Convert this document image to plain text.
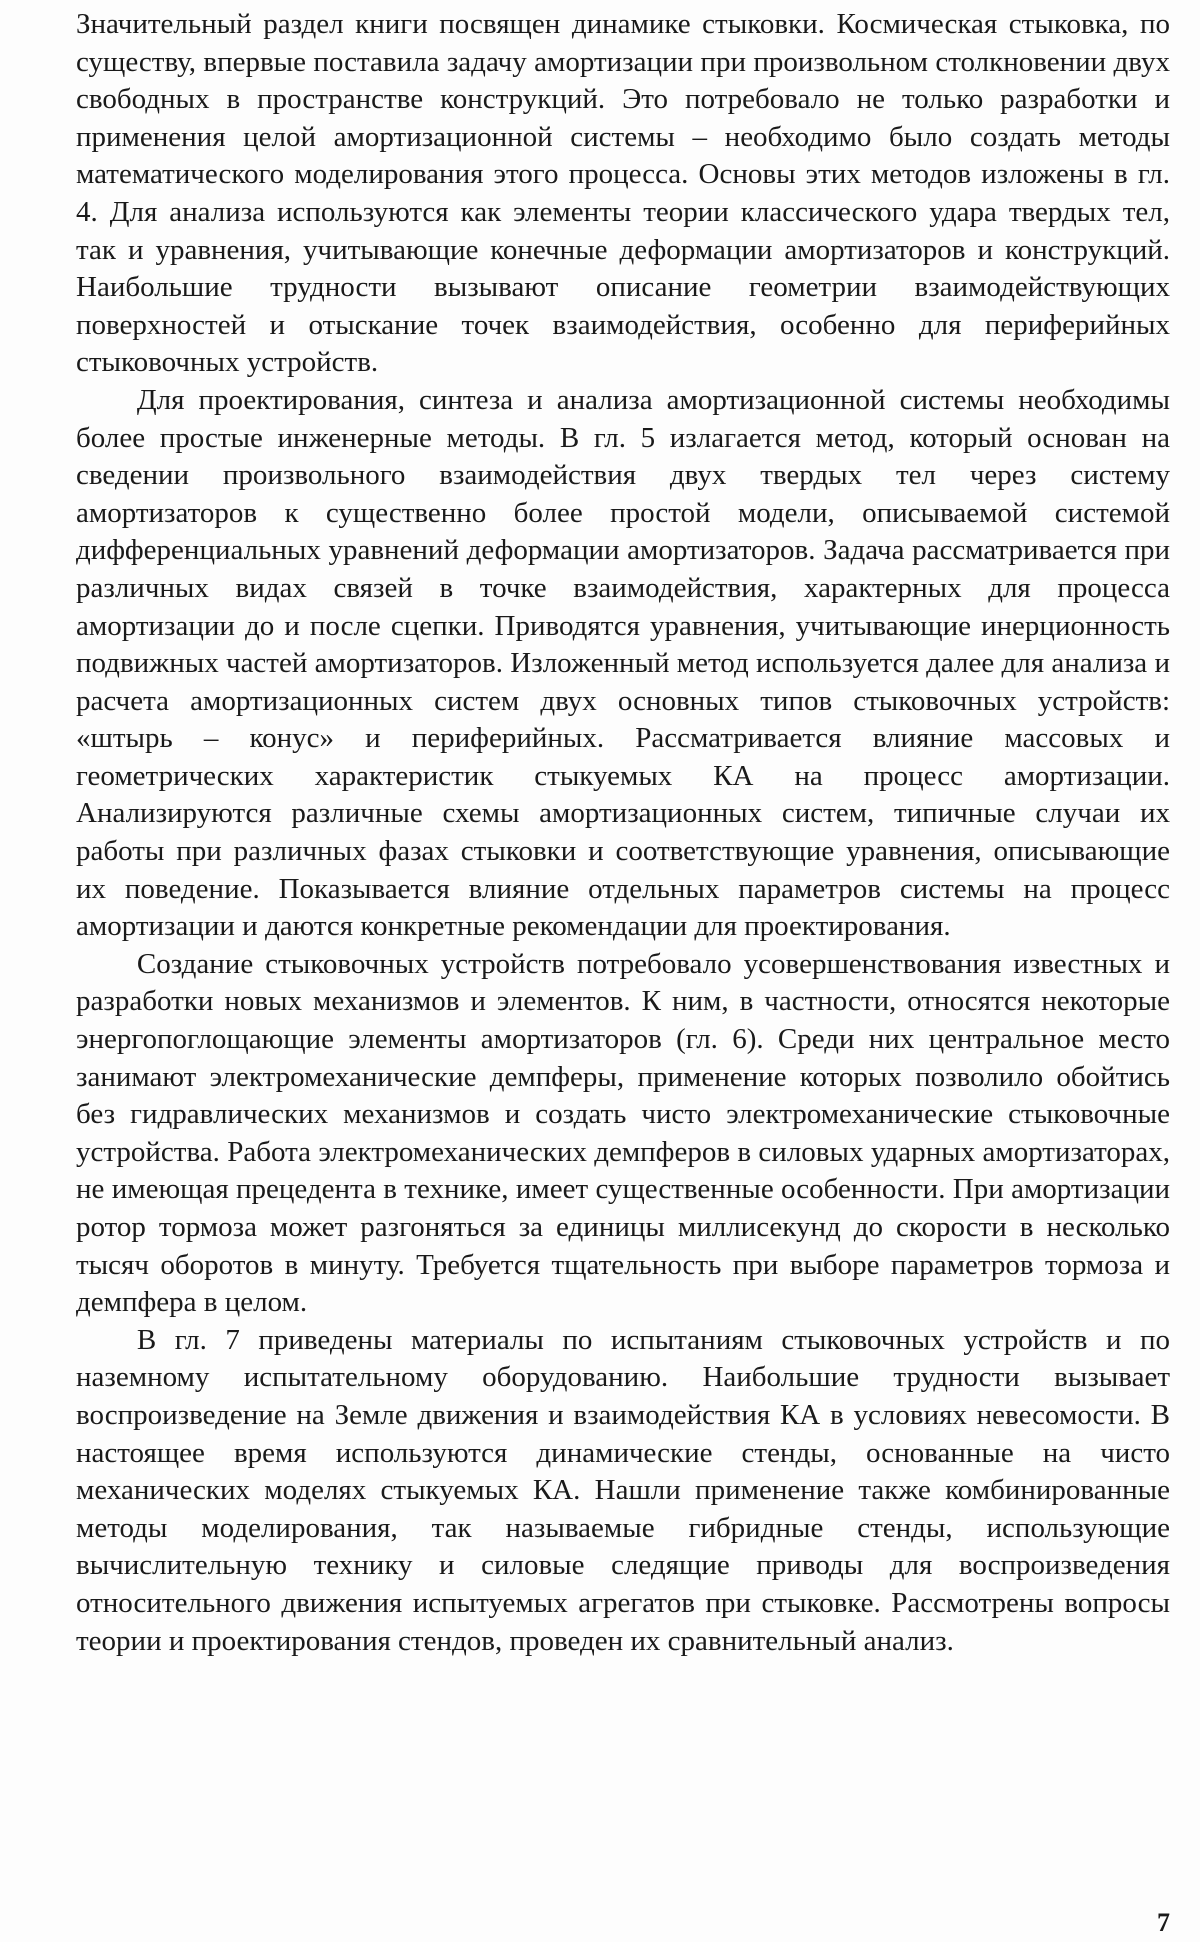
Значительный раздел книги посвящен динамике стыковки. Космическая стыковка, по существу, впервые поставила задачу амортизации при произвольном столкновении двух свободных в пространстве конструкций. Это потребовало не только разработки и применения целой амортизационной системы – необходимо было создать методы математического моделирования этого процесса. Основы этих методов изложены в гл. 4. Для анализа используются как элементы теории классического удара твердых тел, так и уравнения, учитывающие конечные деформации амортизаторов и конструкций. Наибольшие трудности вызывают описание геометрии взаимодействующих поверхностей и отыскание точек взаимодействия, особенно для периферийных стыковочных устройств.

Для проектирования, синтеза и анализа амортизационной системы необходимы более простые инженерные методы. В гл. 5 излагается метод, который основан на сведении произвольного взаимодействия двух твердых тел через систему амортизаторов к существенно более простой модели, описываемой системой дифференциальных уравнений деформации амортизаторов. Задача рассматривается при различных видах связей в точке взаимодействия, характерных для процесса амортизации до и после сцепки. Приводятся уравнения, учитывающие инерционность подвижных частей амортизаторов. Изложенный метод используется далее для анализа и расчета амортизационных систем двух основных типов стыковочных устройств: «штырь – конус» и периферийных. Рассматривается влияние массовых и геометрических характеристик стыкуемых КА на процесс амортизации. Анализируются различные схемы амортизационных систем, типичные случаи их работы при различных фазах стыковки и соответствующие уравнения, описывающие их поведение. Показывается влияние отдельных параметров системы на процесс амортизации и даются конкретные рекомендации для проектирования.

Создание стыковочных устройств потребовало усовершенствования известных и разработки новых механизмов и элементов. К ним, в частности, относятся некоторые энергопоглощающие элементы амортизаторов (гл. 6). Среди них центральное место занимают электромеханические демпферы, применение которых позволило обойтись без гидравлических механизмов и создать чисто электромеханические стыковочные устройства. Работа электромеханических демпферов в силовых ударных амортизаторах, не имеющая прецедента в технике, имеет существенные особенности. При амортизации ротор тормоза может разгоняться за единицы миллисекунд до скорости в несколько тысяч оборотов в минуту. Требуется тщательность при выборе параметров тормоза и демпфера в целом.

В гл. 7 приведены материалы по испытаниям стыковочных устройств и по наземному испытательному оборудованию. Наибольшие трудности вызывает воспроизведение на Земле движения и взаимодействия КА в условиях невесомости. В настоящее время используются динамические стенды, основанные на чисто механических моделях стыкуемых КА. Нашли применение также комбинированные методы моделирования, так называемые гибридные стенды, использующие вычислительную технику и силовые следящие приводы для воспроизведения относительного движения испытуемых агрегатов при стыковке. Рассмотрены вопросы теории и проектирования стендов, проведен их сравнительный анализ.

7
